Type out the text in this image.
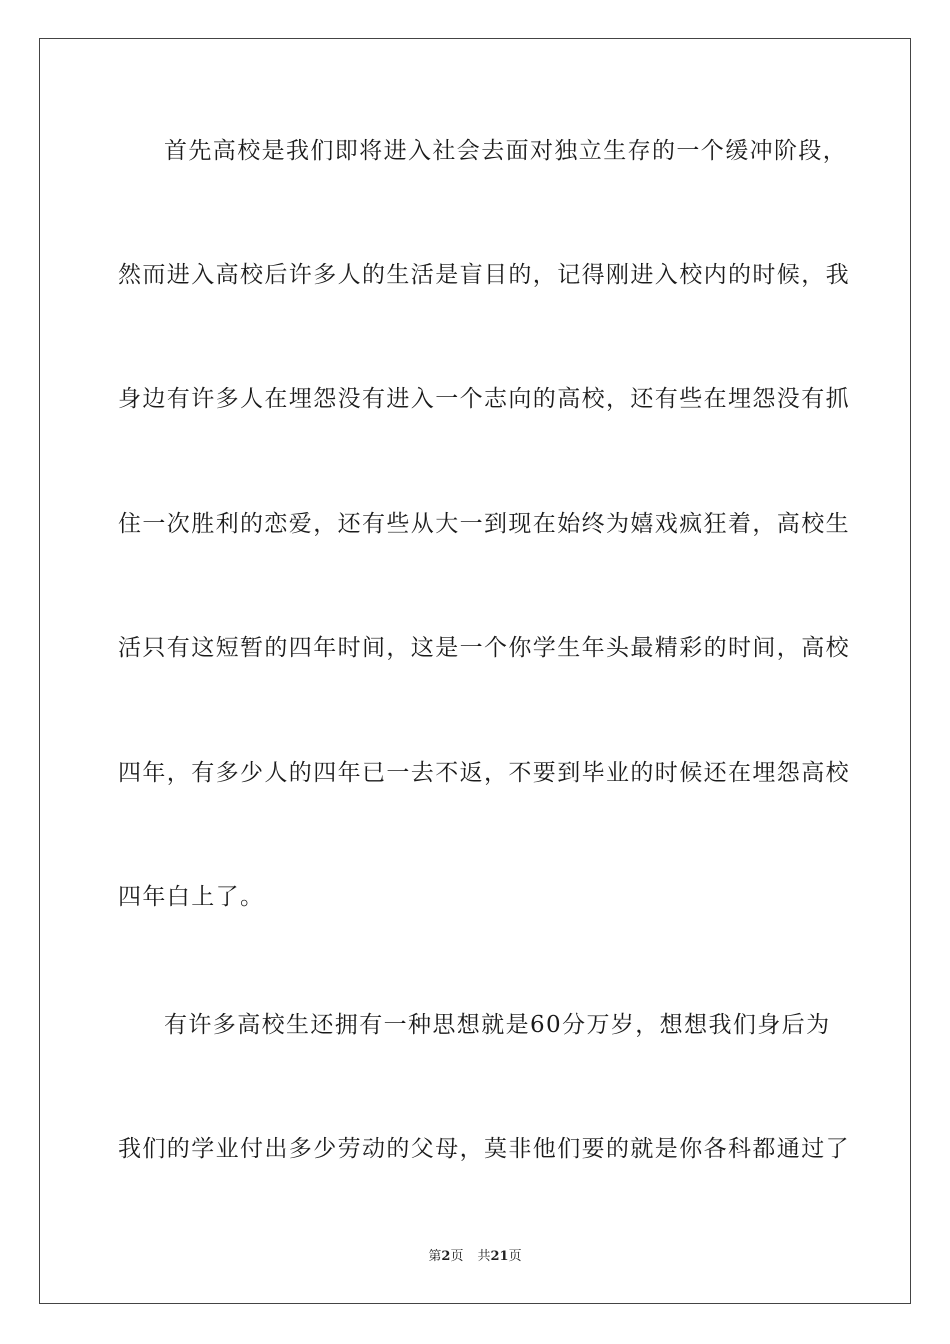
首先高校是我们即将进入社会去面对独立生存的一个缓冲阶段，
然而进入高校后许多人的生活是盲目的，记得刚进入校内的时候，我
身边有许多人在埋怨没有进入一个志向的高校，还有些在埋怨没有抓
住一次胜利的恋爱，还有些从大一到现在始终为嬉戏疯狂着，高校生
活只有这短暂的四年时间，这是一个你学生年头最精彩的时间，高校
四年，有多少人的四年已一去不返，不要到毕业的时候还在埋怨高校
四年白上了。
有许多高校生还拥有一种思想就是60分万岁，想想我们身后为
我们的学业付出多少劳动的父母，莫非他们要的就是你各科都通过了
第2页 共21页
